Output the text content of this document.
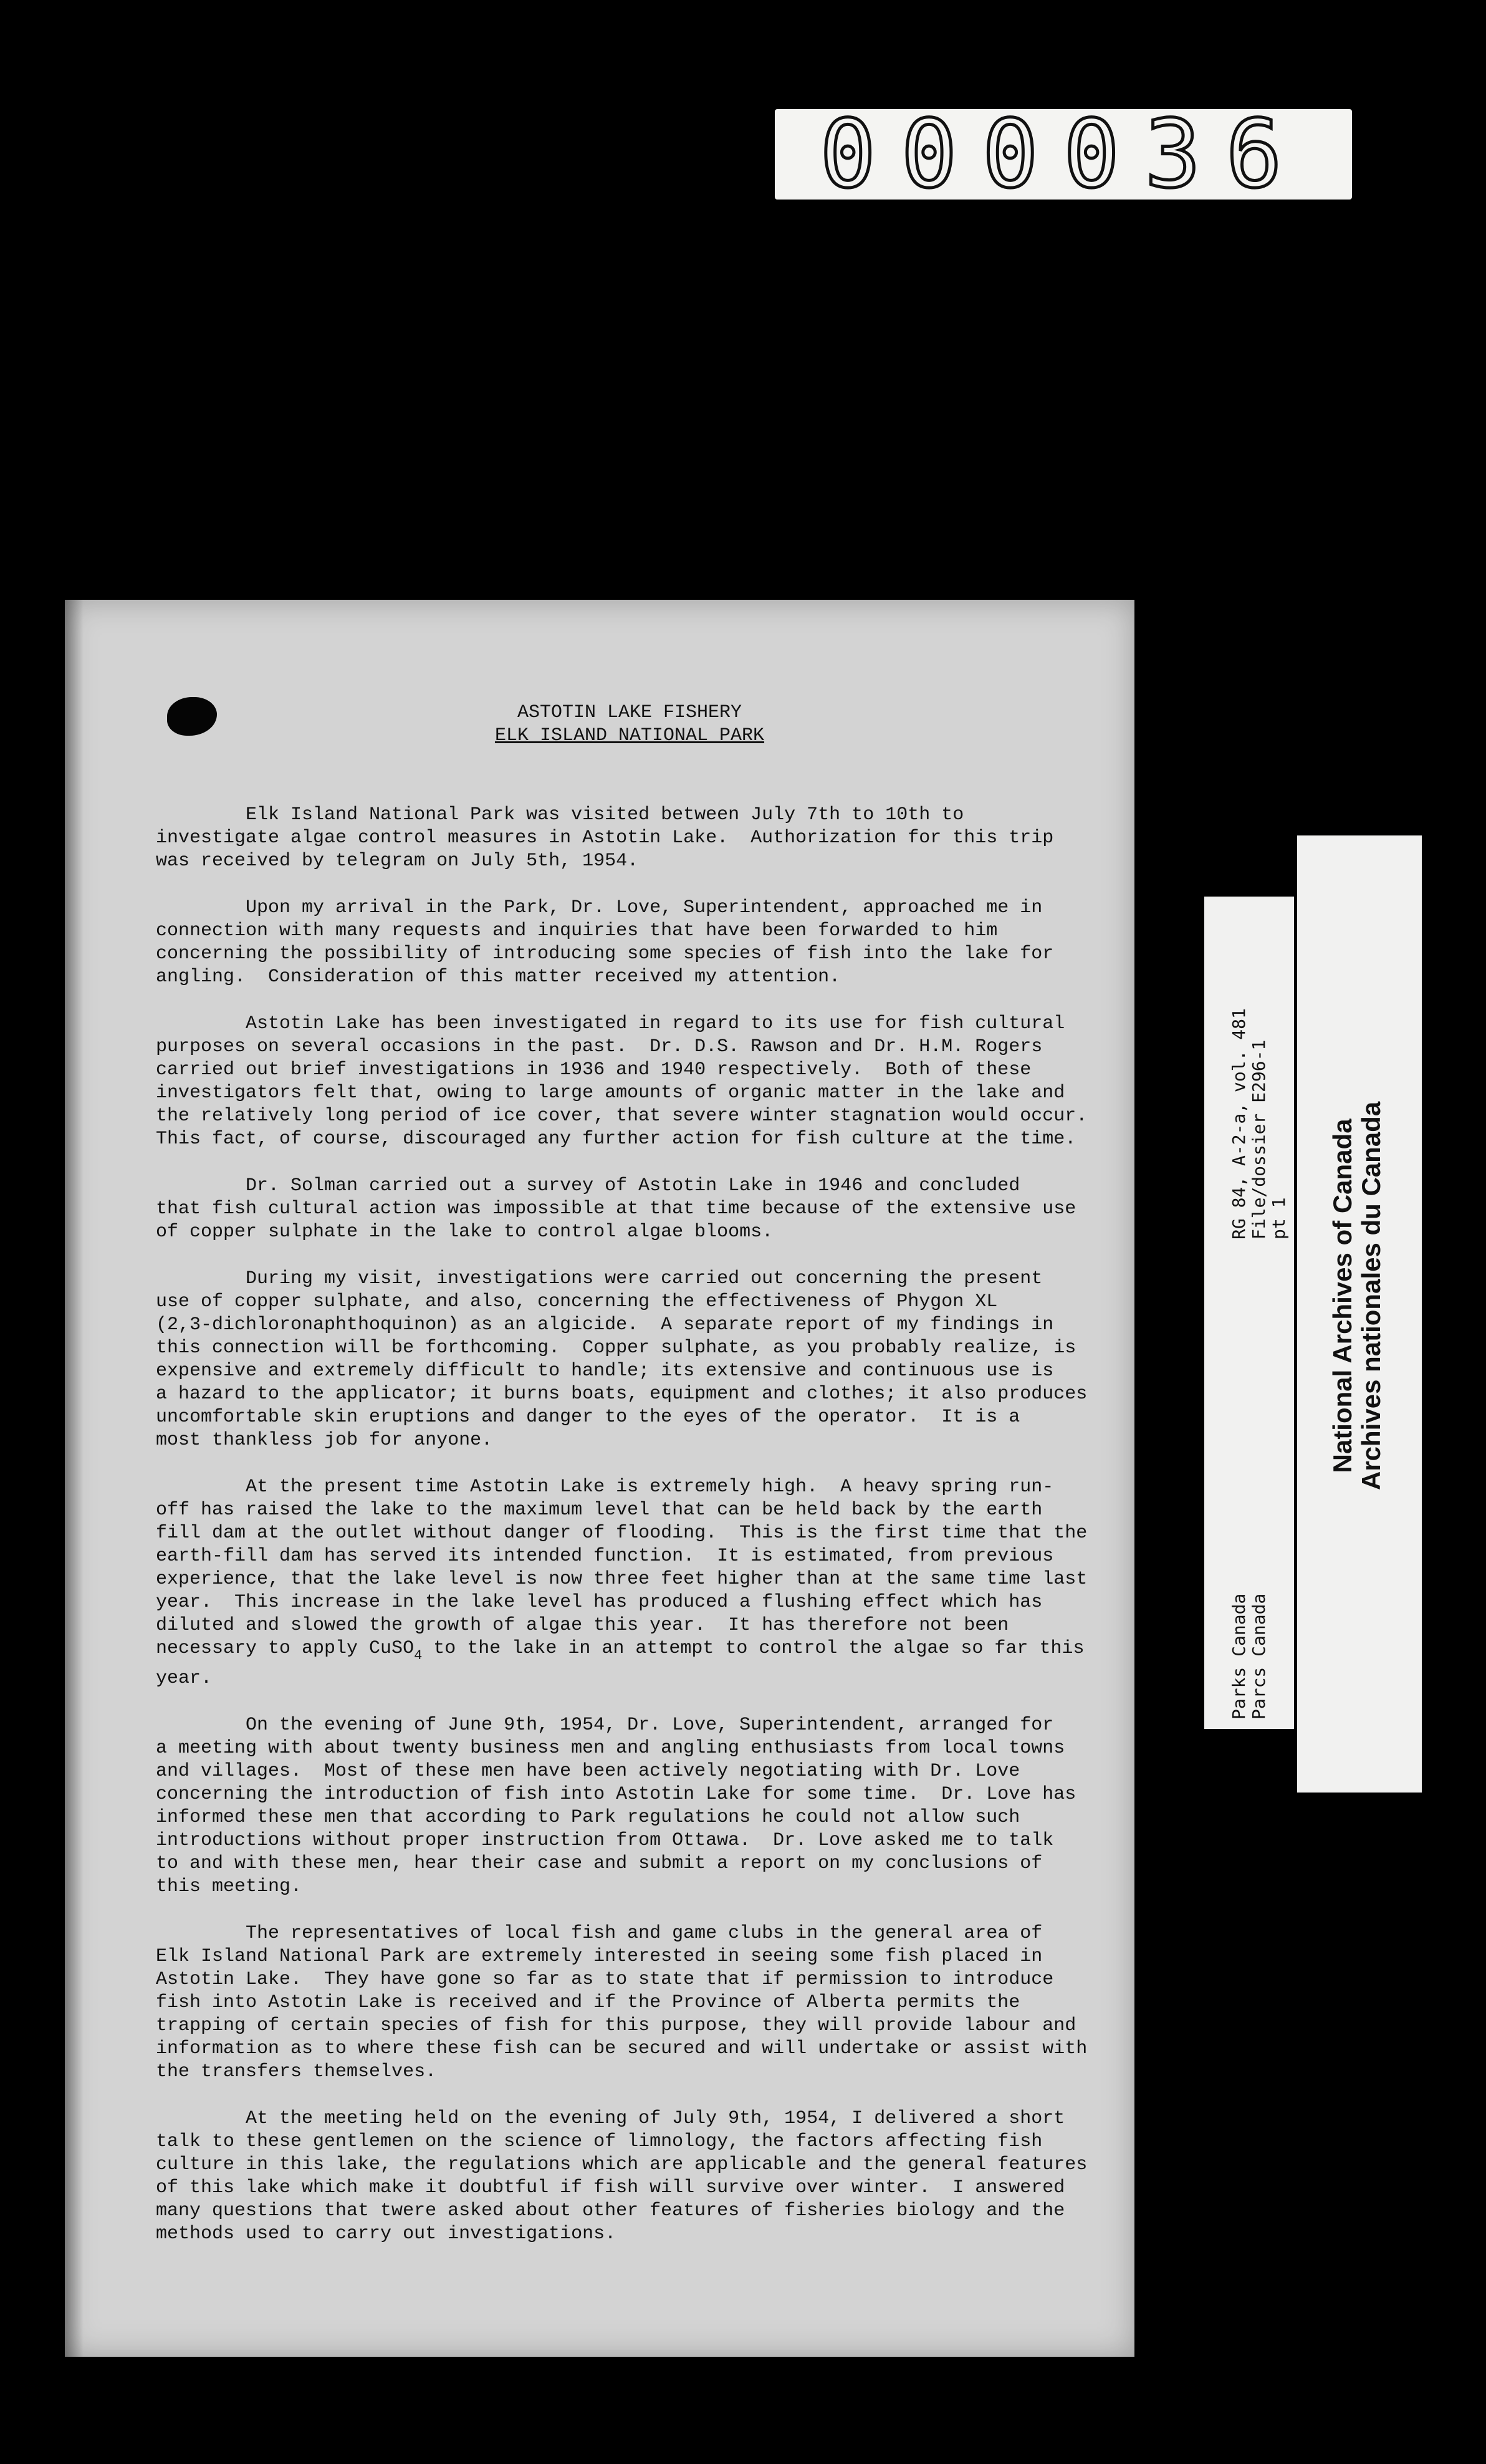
000036

ASTOTIN LAKE FISHERY

ELK ISLAND NATIONAL PARK

Elk Island National Park was visited between July 7th to 10th to
investigate algae control measures in Astotin Lake.  Authorization for this trip
was received by telegram on July 5th, 1954.
Upon my arrival in the Park, Dr. Love, Superintendent, approached me in
connection with many requests and inquiries that have been forwarded to him
concerning the possibility of introducing some species of fish into the lake for
angling.  Consideration of this matter received my attention.
Astotin Lake has been investigated in regard to its use for fish cultural
purposes on several occasions in the past.  Dr. D.S. Rawson and Dr. H.M. Rogers
carried out brief investigations in 1936 and 1940 respectively.  Both of these
investigators felt that, owing to large amounts of organic matter in the lake and
the relatively long period of ice cover, that severe winter stagnation would occur.
This fact, of course, discouraged any further action for fish culture at the time.
Dr. Solman carried out a survey of Astotin Lake in 1946 and concluded
that fish cultural action was impossible at that time because of the extensive use
of copper sulphate in the lake to control algae blooms.
During my visit, investigations were carried out concerning the present
use of copper sulphate, and also, concerning the effectiveness of Phygon XL
(2,3-dichloronaphthoquinon) as an algicide.  A separate report of my findings in
this connection will be forthcoming.  Copper sulphate, as you probably realize, is
expensive and extremely difficult to handle; its extensive and continuous use is
a hazard to the applicator; it burns boats, equipment and clothes; it also produces
uncomfortable skin eruptions and danger to the eyes of the operator.  It is a
most thankless job for anyone.
At the present time Astotin Lake is extremely high.  A heavy spring run-
off has raised the lake to the maximum level that can be held back by the earth
fill dam at the outlet without danger of flooding.  This is the first time that the
earth-fill dam has served its intended function.  It is estimated, from previous
experience, that the lake level is now three feet higher than at the same time last
year.  This increase in the lake level has produced a flushing effect which has
diluted and slowed the growth of algae this year.  It has therefore not been
necessary to apply CuSO$_4$ to the lake in an attempt to control the algae so far this
year.
On the evening of June 9th, 1954, Dr. Love, Superintendent, arranged for
a meeting with about twenty business men and angling enthusiasts from local towns
and villages.  Most of these men have been actively negotiating with Dr. Love
concerning the introduction of fish into Astotin Lake for some time.  Dr. Love has
informed these men that according to Park regulations he could not allow such
introductions without proper instruction from Ottawa.  Dr. Love asked me to talk
to and with these men, hear their case and submit a report on my conclusions of
this meeting.
The representatives of local fish and game clubs in the general area of
Elk Island National Park are extremely interested in seeing some fish placed in
Astotin Lake.  They have gone so far as to state that if permission to introduce
fish into Astotin Lake is received and if the Province of Alberta permits the
trapping of certain species of fish for this purpose, they will provide labour and
information as to where these fish can be secured and will undertake or assist with
the transfers themselves.
At the meeting held on the evening of July 9th, 1954, I delivered a short
talk to these gentlemen on the science of limnology, the factors affecting fish
culture in this lake, the regulations which are applicable and the general features
of this lake which make it doubtful if fish will survive over winter.  I answered
many questions that twere asked about other features of fisheries biology and the
methods used to carry out investigations.
RG 84, A-2-a, vol. 481
File/dossier E296-1
pt 1
Parks Canada
Parcs Canada
National Archives of Canada
Archives nationales du Canada
